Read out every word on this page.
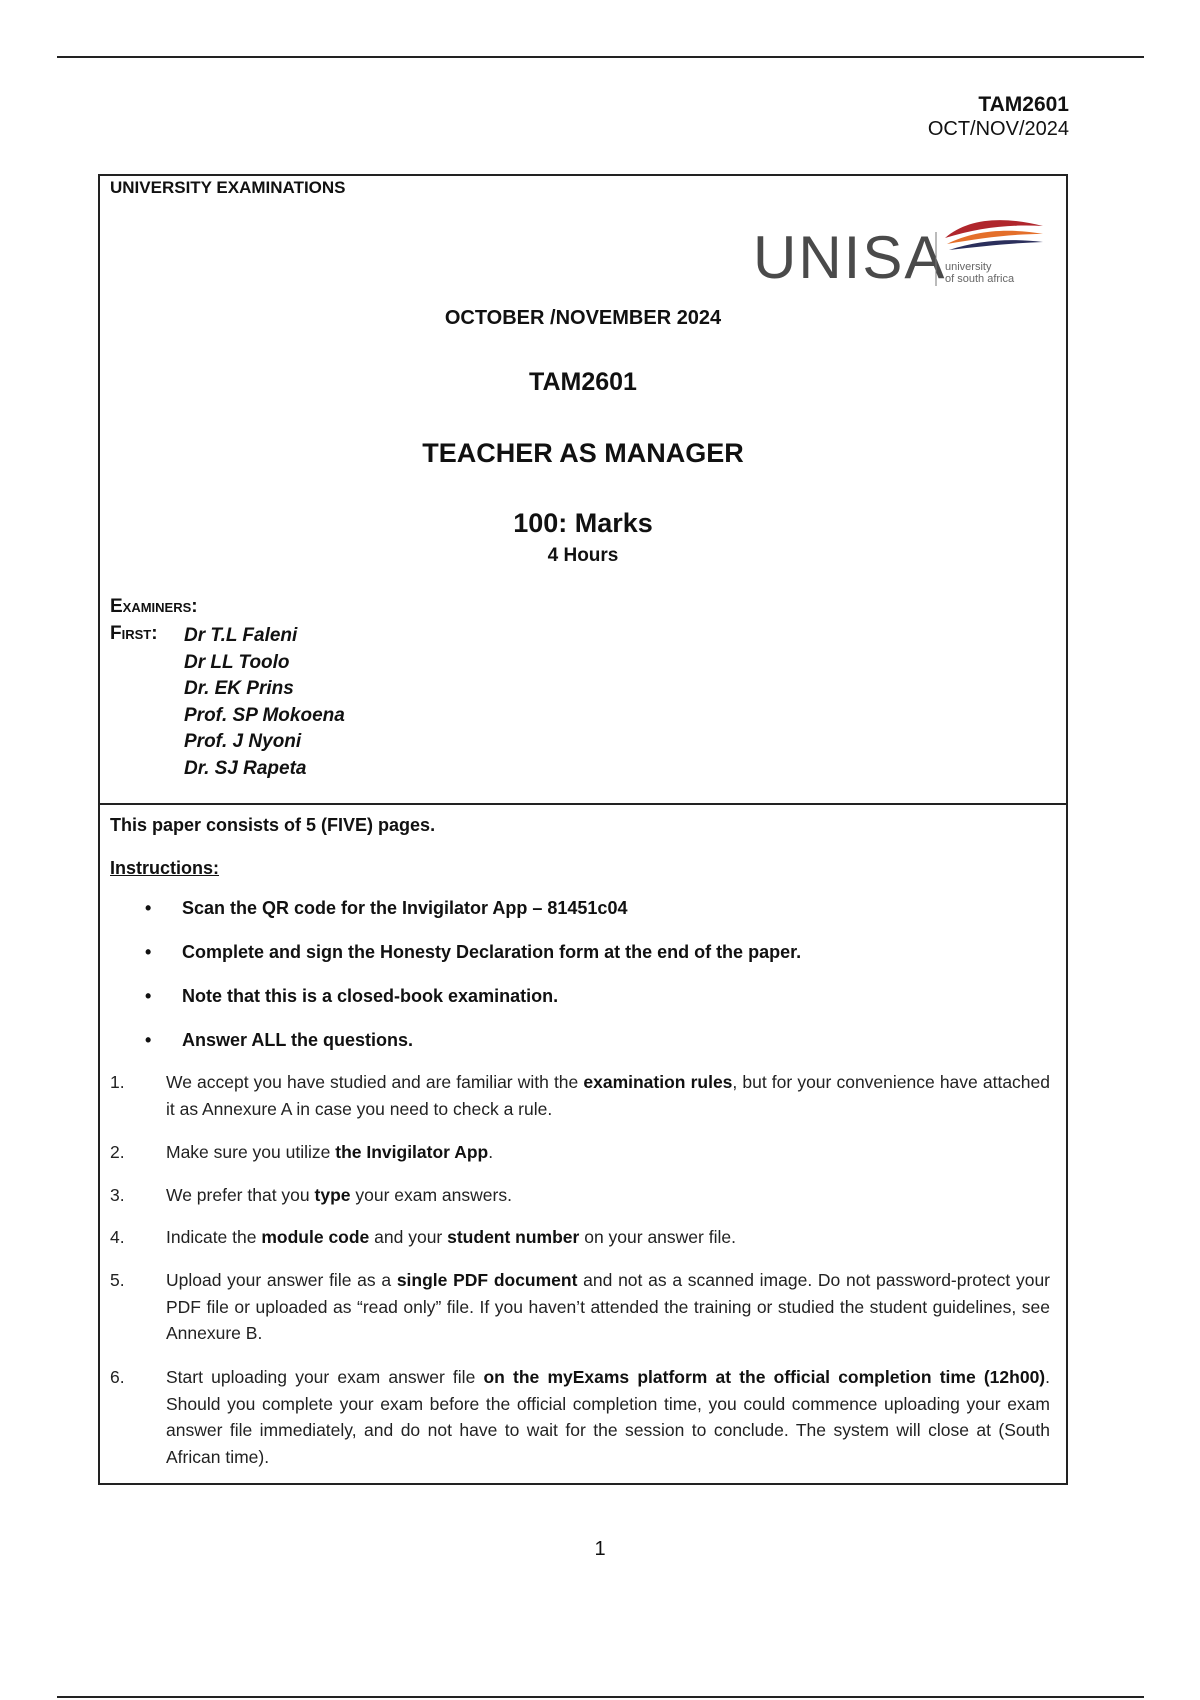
TAM2601
OCT/NOV/2024
UNIVERSITY EXAMINATIONS
UNISA
university
of south africa
OCTOBER /NOVEMBER 2024
TAM2601
TEACHER AS MANAGER
100: Marks
4 Hours
Examiners:
First: Dr T.L Faleni
Dr LL Toolo
Dr. EK Prins
Prof. SP Mokoena
Prof. J Nyoni
Dr. SJ Rapeta
This paper consists of 5 (FIVE) pages.
Instructions:
• Scan the QR code for the Invigilator App – 81451c04
• Complete and sign the Honesty Declaration form at the end of the paper.
• Note that this is a closed-book examination.
• Answer ALL the questions.
1. We accept you have studied and are familiar with the examination rules, but for your convenience have attached it as Annexure A in case you need to check a rule.
2. Make sure you utilize the Invigilator App.
3. We prefer that you type your exam answers.
4. Indicate the module code and your student number on your answer file.
5. Upload your answer file as a single PDF document and not as a scanned image. Do not password-protect your PDF file or uploaded as “read only” file. If you haven’t attended the training or studied the student guidelines, see Annexure B.
6. Start uploading your exam answer file on the myExams platform at the official completion time (12h00). Should you complete your exam before the official completion time, you could commence uploading your exam answer file immediately, and do not have to wait for the session to conclude. The system will close at (South African time).
1
